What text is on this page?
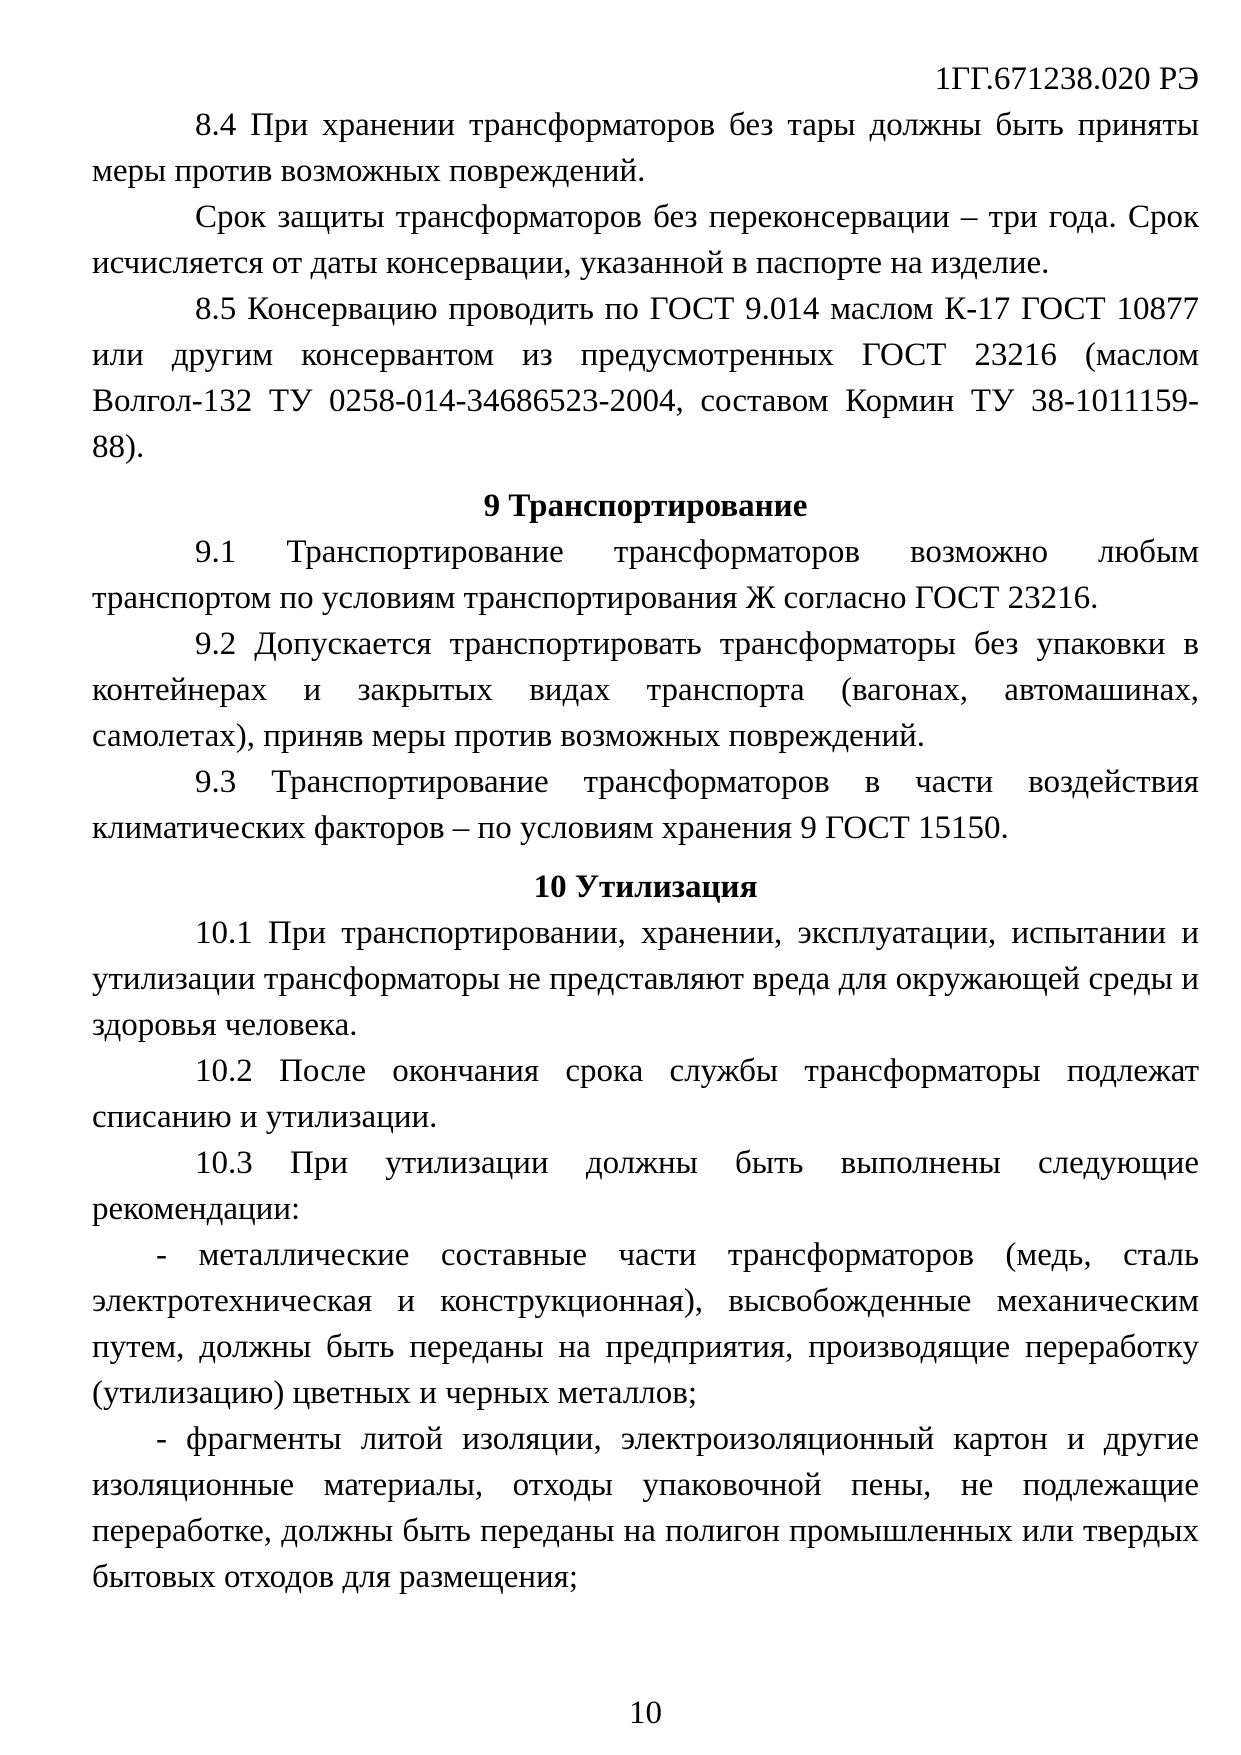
1ГГ.671238.020 РЭ

8.4 При хранении трансформаторов без тары должны быть приняты меры против возможных повреждений.

Срок защиты трансформаторов без переконсервации – три года. Срок исчисляется от даты консервации, указанной в паспорте на изделие.

8.5 Консервацию проводить по ГОСТ 9.014 маслом К-17 ГОСТ 10877 или другим консервантом из предусмотренных ГОСТ 23216 (маслом Волгол-132 ТУ 0258-014-34686523-2004, составом Кормин ТУ 38-1011159-88).

9 Транспортирование

9.1 Транспортирование трансформаторов возможно любым транспортом по условиям транспортирования Ж согласно ГОСТ 23216.

9.2 Допускается транспортировать трансформаторы без упаковки в контейнерах и закрытых видах транспорта (вагонах, автомашинах, самолетах), приняв меры против возможных повреждений.

9.3 Транспортирование трансформаторов в части воздействия климатических факторов – по условиям хранения 9 ГОСТ 15150.

10 Утилизация

10.1 При транспортировании, хранении, эксплуатации, испытании и утилизации трансформаторы не представляют вреда для окружающей среды и здоровья человека.

10.2 После окончания срока службы трансформаторы подлежат списанию и утилизации.

10.3 При утилизации должны быть выполнены следующие рекомендации:

- металлические составные части трансформаторов (медь, сталь электротехническая и конструкционная), высвобожденные механическим путем, должны быть переданы на предприятия, производящие переработку (утилизацию) цветных и черных металлов;

- фрагменты литой изоляции, электроизоляционный картон и другие изоляционные материалы, отходы упаковочной пены, не подлежащие переработке, должны быть переданы на полигон промышленных или твердых бытовых отходов для размещения;

10
